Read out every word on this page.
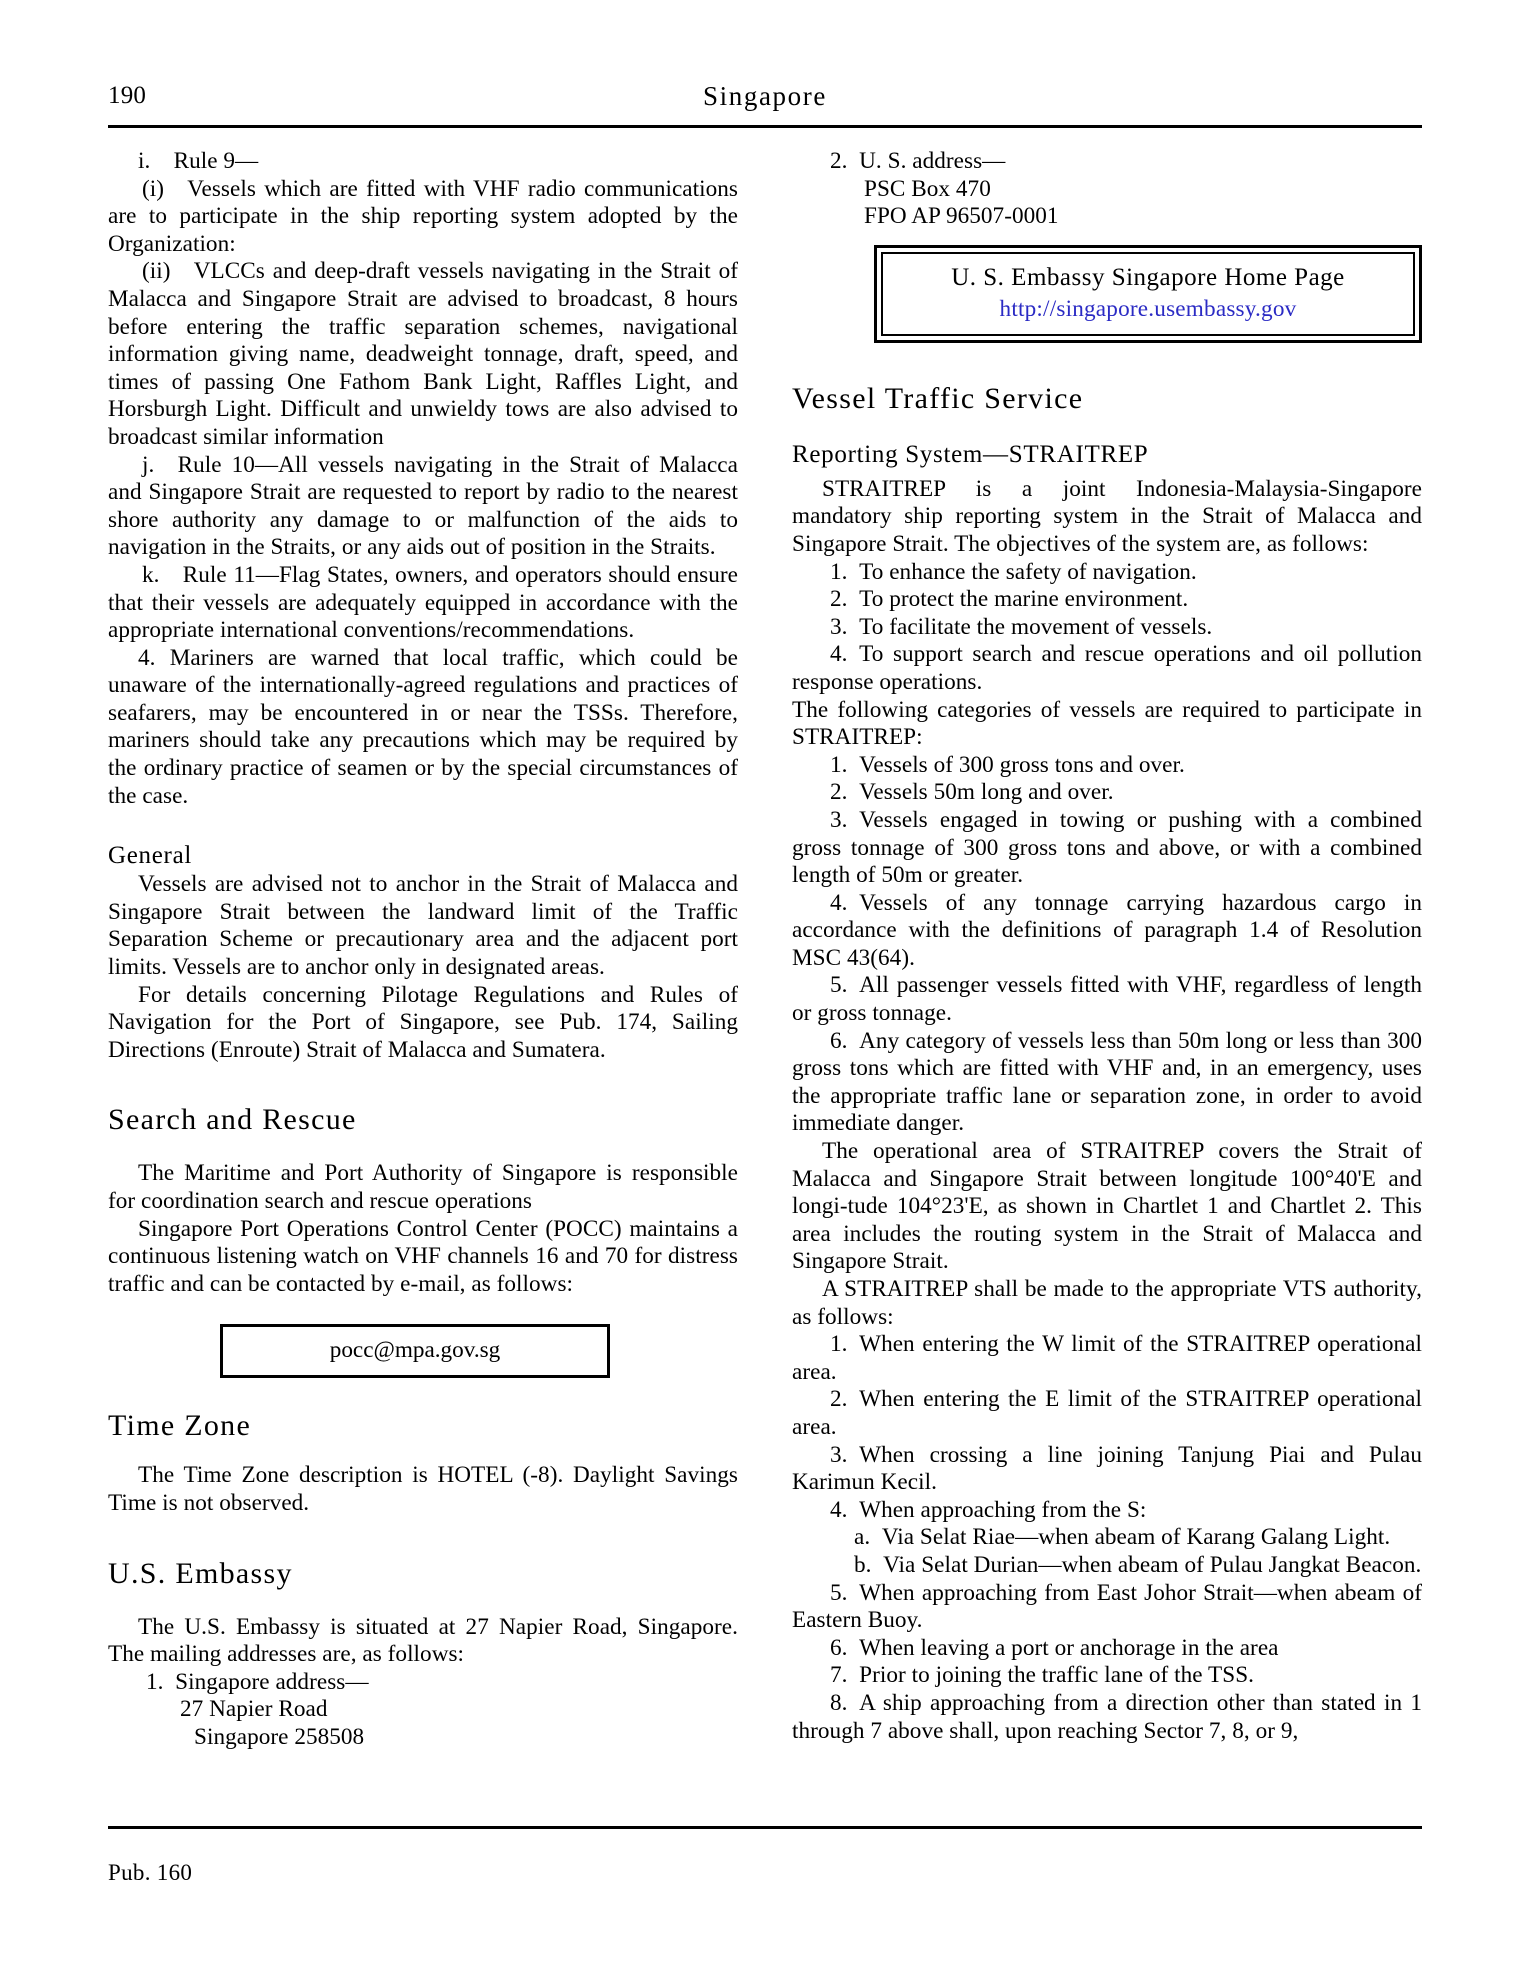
190	Singapore
i. Rule 9—
(i) Vessels which are fitted with VHF radio communications are to participate in the ship reporting system adopted by the Organization:
(ii) VLCCs and deep-draft vessels navigating in the Strait of Malacca and Singapore Strait are advised to broadcast, 8 hours before entering the traffic separation schemes, navigational information giving name, deadweight tonnage, draft, speed, and times of passing One Fathom Bank Light, Raffles Light, and Horsburgh Light. Difficult and unwieldy tows are also advised to broadcast similar information
j. Rule 10—All vessels navigating in the Strait of Malacca and Singapore Strait are requested to report by radio to the nearest shore authority any damage to or malfunction of the aids to navigation in the Straits, or any aids out of position in the Straits.
k. Rule 11—Flag States, owners, and operators should ensure that their vessels are adequately equipped in accordance with the appropriate international conventions/recommendations.
4. Mariners are warned that local traffic, which could be unaware of the internationally-agreed regulations and practices of seafarers, may be encountered in or near the TSSs. Therefore, mariners should take any precautions which may be required by the ordinary practice of seamen or by the special circumstances of the case.
General
Vessels are advised not to anchor in the Strait of Malacca and Singapore Strait between the landward limit of the Traffic Separation Scheme or precautionary area and the adjacent port limits. Vessels are to anchor only in designated areas.
For details concerning Pilotage Regulations and Rules of Navigation for the Port of Singapore, see Pub. 174, Sailing Directions (Enroute) Strait of Malacca and Sumatera.
Search and Rescue
The Maritime and Port Authority of Singapore is responsible for coordination search and rescue operations
Singapore Port Operations Control Center (POCC) maintains a continuous listening watch on VHF channels 16 and 70 for distress traffic and can be contacted by e-mail, as follows:
pocc@mpa.gov.sg
Time Zone
The Time Zone description is HOTEL (-8). Daylight Savings Time is not observed.
U.S. Embassy
The U.S. Embassy is situated at 27 Napier Road, Singapore. The mailing addresses are, as follows:
1. Singapore address—
27 Napier Road
Singapore 258508
2. U. S. address—
PSC Box 470
FPO AP 96507-0001
U. S. Embassy Singapore Home Page
http://singapore.usembassy.gov
Vessel Traffic Service
Reporting System—STRAITREP
STRAITREP is a joint Indonesia-Malaysia-Singapore mandatory ship reporting system in the Strait of Malacca and Singapore Strait. The objectives of the system are, as follows:
1. To enhance the safety of navigation.
2. To protect the marine environment.
3. To facilitate the movement of vessels.
4. To support search and rescue operations and oil pollution response operations.
The following categories of vessels are required to participate in STRAITREP:
1. Vessels of 300 gross tons and over.
2. Vessels 50m long and over.
3. Vessels engaged in towing or pushing with a combined gross tonnage of 300 gross tons and above, or with a combined length of 50m or greater.
4. Vessels of any tonnage carrying hazardous cargo in accordance with the definitions of paragraph 1.4 of Resolution MSC 43(64).
5. All passenger vessels fitted with VHF, regardless of length or gross tonnage.
6. Any category of vessels less than 50m long or less than 300 gross tons which are fitted with VHF and, in an emergency, uses the appropriate traffic lane or separation zone, in order to avoid immediate danger.
The operational area of STRAITREP covers the Strait of Malacca and Singapore Strait between longitude 100°40'E and longi-tude 104°23'E, as shown in Chartlet 1 and Chartlet 2. This area includes the routing system in the Strait of Malacca and Singapore Strait.
A STRAITREP shall be made to the appropriate VTS authority, as follows:
1. When entering the W limit of the STRAITREP operational area.
2. When entering the E limit of the STRAITREP operational area.
3. When crossing a line joining Tanjung Piai and Pulau Karimun Kecil.
4. When approaching from the S:
a. Via Selat Riae—when abeam of Karang Galang Light.
b. Via Selat Durian—when abeam of Pulau Jangkat Beacon.
5. When approaching from East Johor Strait—when abeam of Eastern Buoy.
6. When leaving a port or anchorage in the area
7. Prior to joining the traffic lane of the TSS.
8. A ship approaching from a direction other than stated in 1 through 7 above shall, upon reaching Sector 7, 8, or 9,
Pub. 160
